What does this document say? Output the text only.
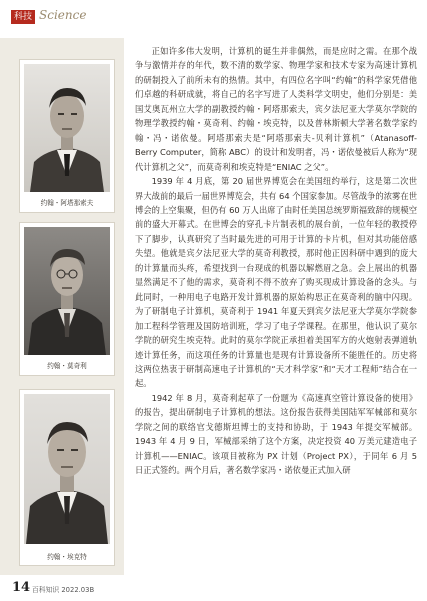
科技 Science
约翰・阿塔那索夫
约翰・莫奇利
约翰・埃克特

正如许多伟大发明，计算机的诞生并非偶然，而是应时之需。在那个战争与激情并存的年代，数不清的数学家、物理学家和技术专家为高速计算机的研制投入了前所未有的热情。其中，有四位名字叫“约翰”的科学家凭借他们卓越的科研成就，将自己的名字写进了人类科学文明史，他们分别是：美国艾奥瓦州立大学的副教授约翰・阿塔那索夫，宾夕法尼亚大学莫尔学院的物理学教授约翰・莫奇利、约翰・埃克特，以及普林斯顿大学著名数学家约翰・冯・诺依曼。阿塔那索夫是“阿塔那索夫-贝利计算机”（Atanasoff-Berry Computer，简称 ABC）的设计和发明者，冯・诺依曼被后人称为“现代计算机之父”，而莫奇利和埃克特是“ENIAC 之父”。

1939 年 4 月底，第 20 届世界博览会在美国纽约举行，这是第二次世界大战前的最后一届世界博览会，共有 64 个国家参加。尽管战争的浓雾在世博会的上空集聚，但仍有 60 万人出席了由时任美国总统罗斯福致辞的规模空前的盛大开幕式。在世博会的穿孔卡片制表机的展台前，一位年轻的教授停下了脚步，认真研究了当时最先进的可用于计算的卡片机，但对其功能倍感失望。他就是宾夕法尼亚大学的莫奇利教授，那时他正因科研中遇到的庞大的计算量而头疼，希望找到一台现成的机器以解燃眉之急。会上展出的机器显然满足不了他的需求，莫奇利不得不放弃了购买现成计算设备的念头。与此同时，一种用电子电路开发计算机器的原始构思正在莫奇利的脑中闪现。为了研制电子计算机，莫奇利于 1941 年夏天到宾夕法尼亚大学莫尔学院参加工程科学管理及国防培训班，学习了电子学课程。在那里，他认识了莫尔学院的研究生埃克特。此时的莫尔学院正承担着美国军方的火炮射表弹道轨迹计算任务，而这项任务的计算量也是现有计算设备所不能胜任的。历史将这两位热衷于研制高速电子计算机的“天才科学家”和“天才工程师”结合在一起。

1942 年 8 月，莫奇利起草了一份题为《高速真空管计算设备的使用》的报告，提出研制电子计算机的想法。这份报告获得美国陆军军械部和莫尔学院之间的联络官戈德斯坦博士的支持和协助，于 1943 年提交军械部。1943 年 4 月 9 日，军械部采纳了这个方案，决定投资 40 万美元建造电子计算机——ENIAC。该项目被称为 PX 计划（Project PX），于同年 6 月 5 日正式签约。两个月后，著名数学家冯・诺依曼正式加入研

14 百科知识 2022.03B
